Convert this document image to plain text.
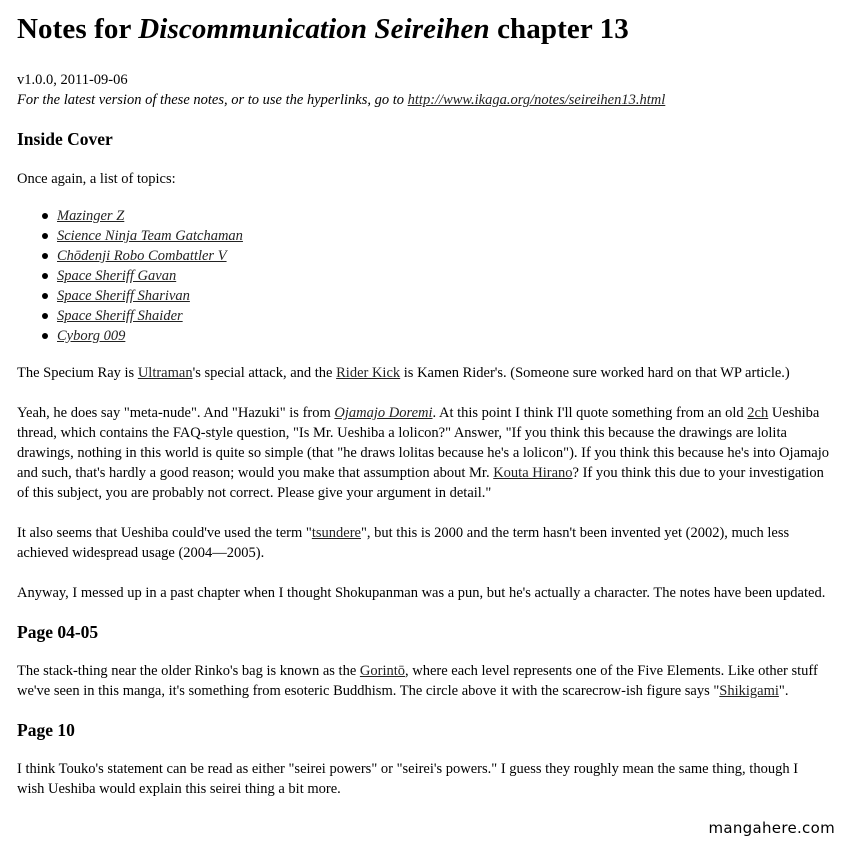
Notes for Discommunication Seireihen chapter 13

v1.0.0, 2011-09-06

For the latest version of these notes, or to use the hyperlinks, go to http://www.ikaga.org/notes/seireihen13.html

Inside Cover

Once again, a list of topics:

Mazinger Z
Science Ninja Team Gatchaman
Chōdenji Robo Combattler V
Space Sheriff Gavan
Space Sheriff Sharivan
Space Sheriff Shaider
Cyborg 009

The Specium Ray is Ultraman's special attack, and the Rider Kick is Kamen Rider's. (Someone sure worked hard on that WP article.)

Yeah, he does say "meta-nude". And "Hazuki" is from Ojamajo Doremi. At this point I think I'll quote something from an old 2ch Ueshiba thread, which contains the FAQ-style question, "Is Mr. Ueshiba a lolicon?" Answer, "If you think this because the drawings are lolita drawings, nothing in this world is quite so simple (that "he draws lolitas because he's a lolicon"). If you think this because he's into Ojamajo and such, that's hardly a good reason; would you make that assumption about Mr. Kouta Hirano? If you think this due to your investigation of this subject, you are probably not correct. Please give your argument in detail."

It also seems that Ueshiba could've used the term "tsundere", but this is 2000 and the term hasn't been invented yet (2002), much less achieved widespread usage (2004—2005).

Anyway, I messed up in a past chapter when I thought Shokupanman was a pun, but he's actually a character. The notes have been updated.

Page 04-05

The stack-thing near the older Rinko's bag is known as the Gorintō, where each level represents one of the Five Elements. Like other stuff we've seen in this manga, it's something from esoteric Buddhism. The circle above it with the scarecrow-ish figure says "Shikigami".

Page 10

I think Touko's statement can be read as either "seirei powers" or "seirei's powers." I guess they roughly mean the same thing, though I wish Ueshiba would explain this seirei thing a bit more.

mangahere.com
